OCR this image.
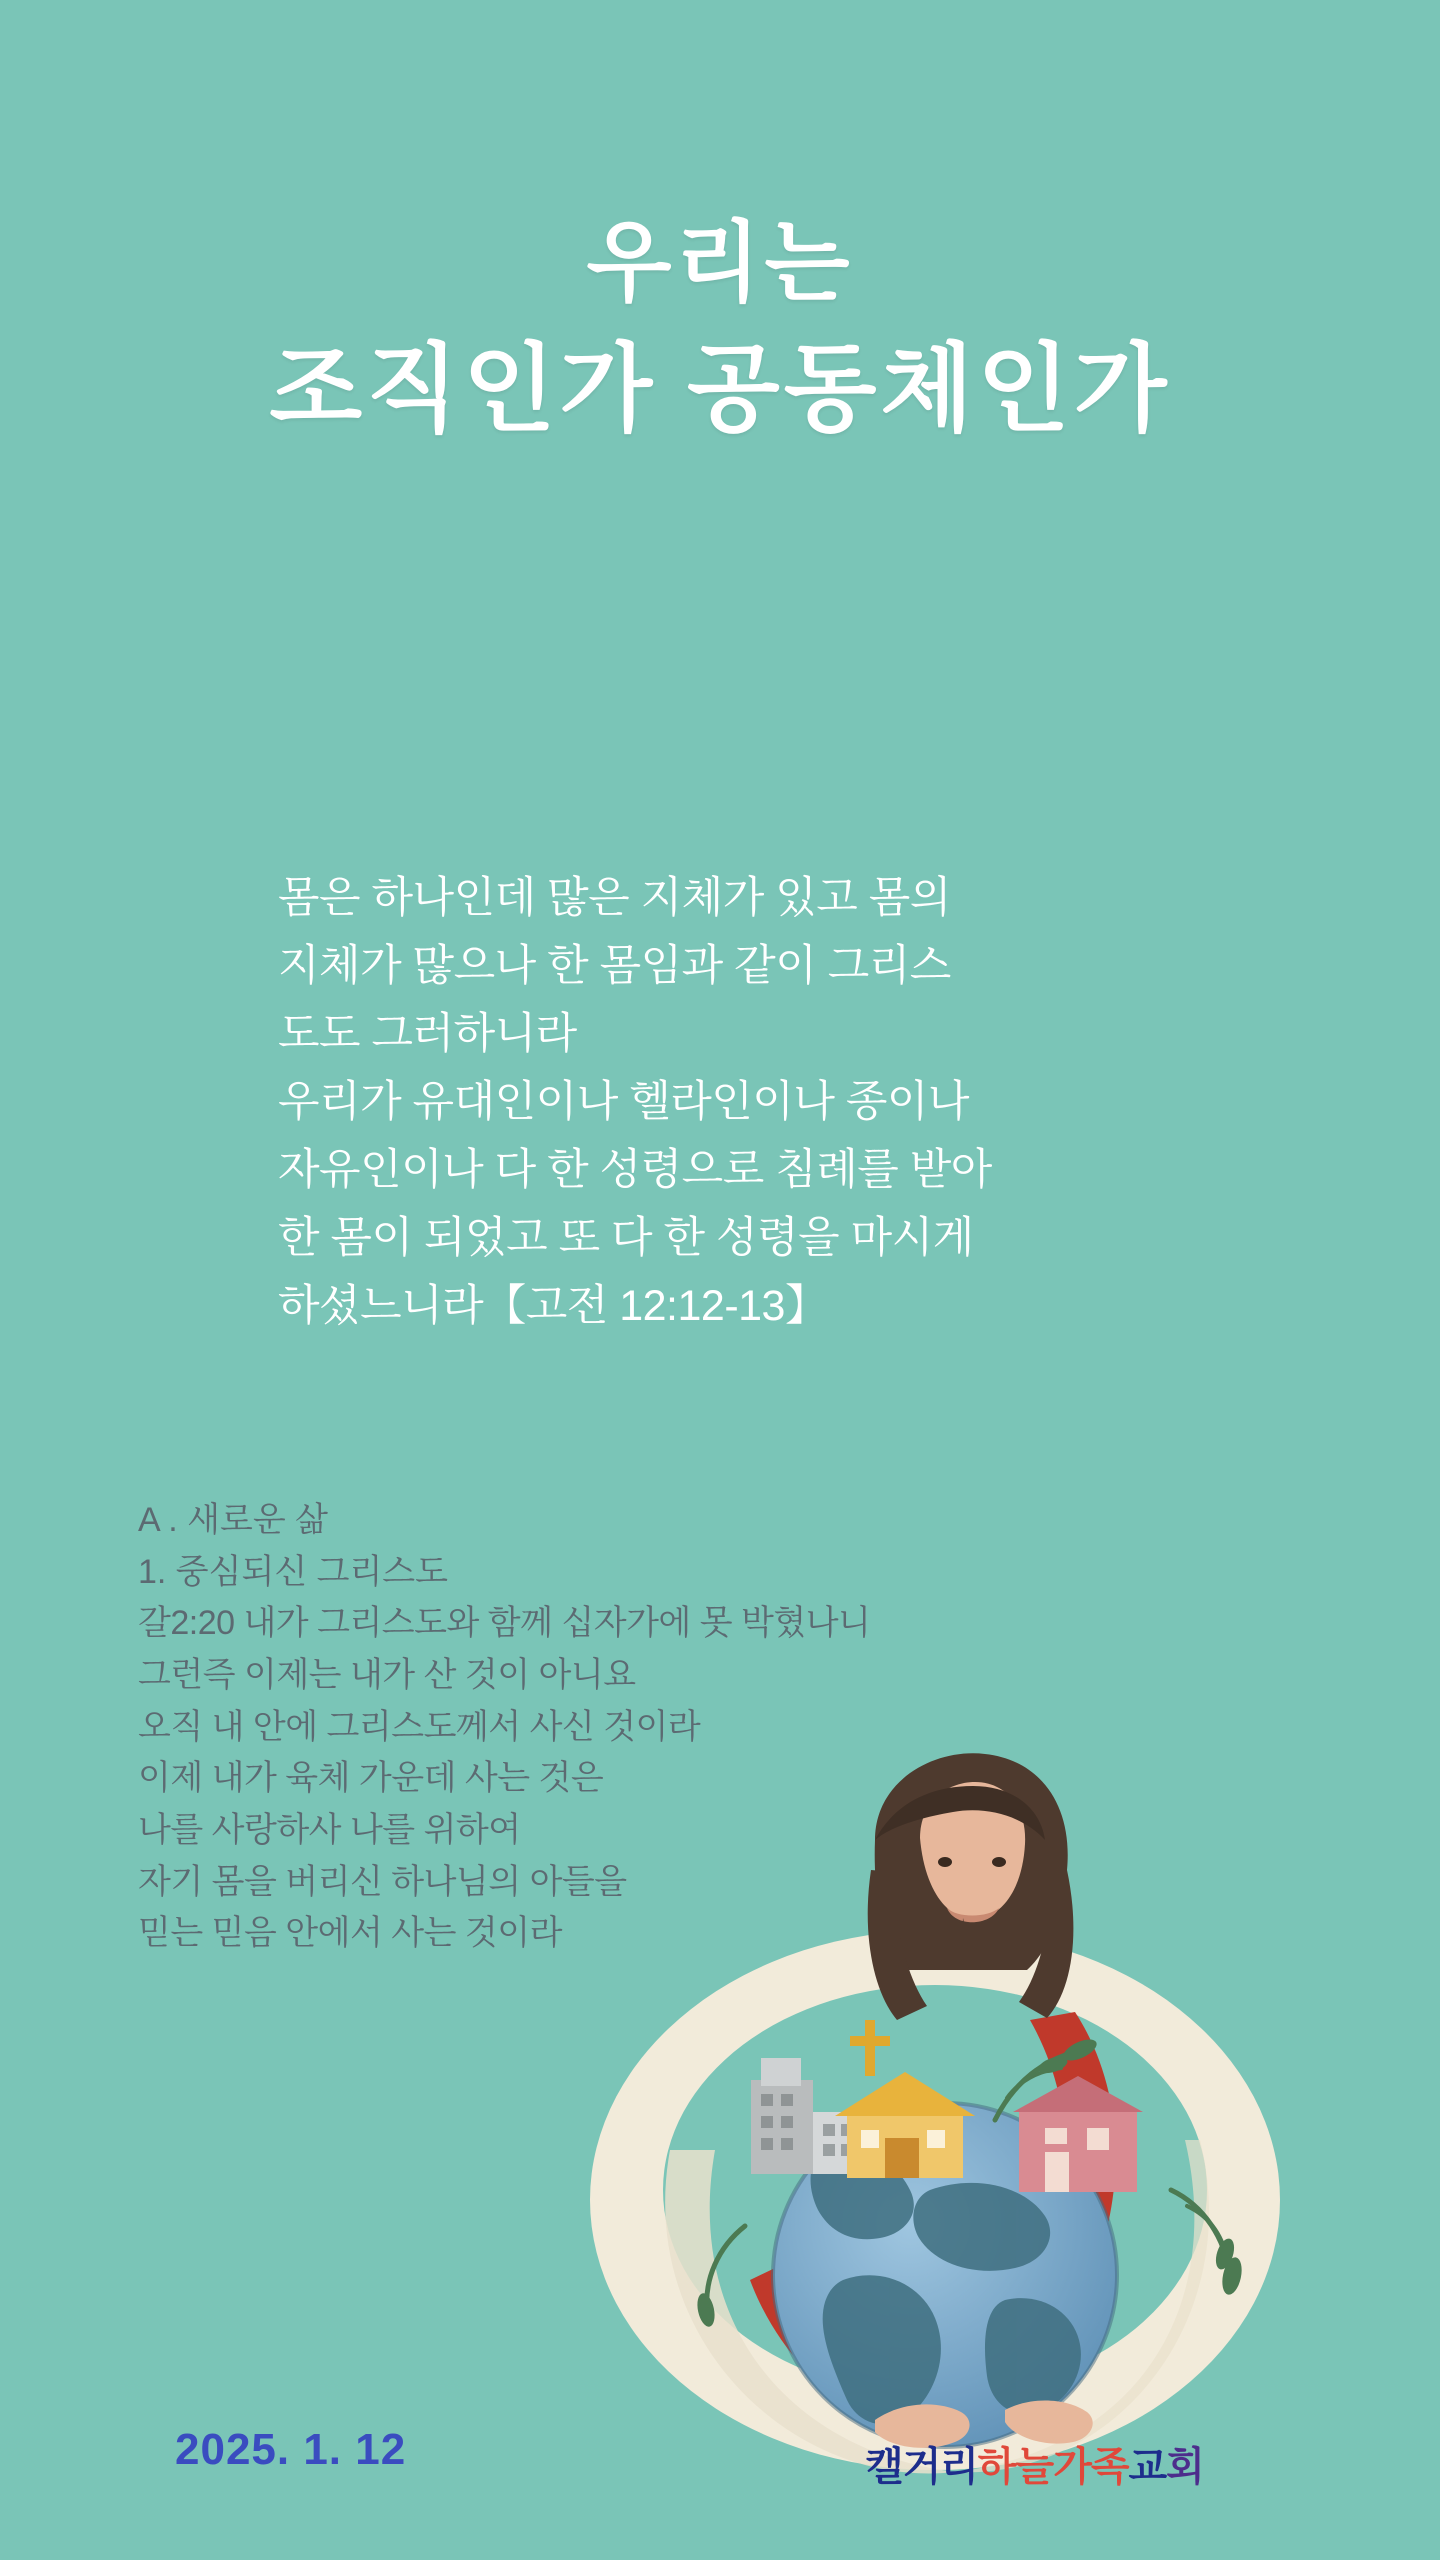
우리는
조직인가 공동체인가
몸은 하나인데 많은 지체가 있고 몸의
지체가 많으나 한 몸임과 같이 그리스
도도 그러하니라
우리가 유대인이나 헬라인이나 종이나
자유인이나 다 한 성령으로 침례를 받아
한 몸이 되었고 또 다 한 성령을 마시게
하셨느니라【고전 12:12-13】
A . 새로운 삶
1. 중심되신 그리스도
갈2:20 내가 그리스도와 함께 십자가에 못 박혔나니
그런즉 이제는 내가 산 것이 아니요
오직 내 안에 그리스도께서 사신 것이라
이제 내가 육체 가운데 사는 것은
나를 사랑하사 나를 위하여
자기 몸을 버리신 하나님의 아들을
믿는 믿음 안에서 사는 것이라
2025. 1. 12	캘거리하늘가족교회
